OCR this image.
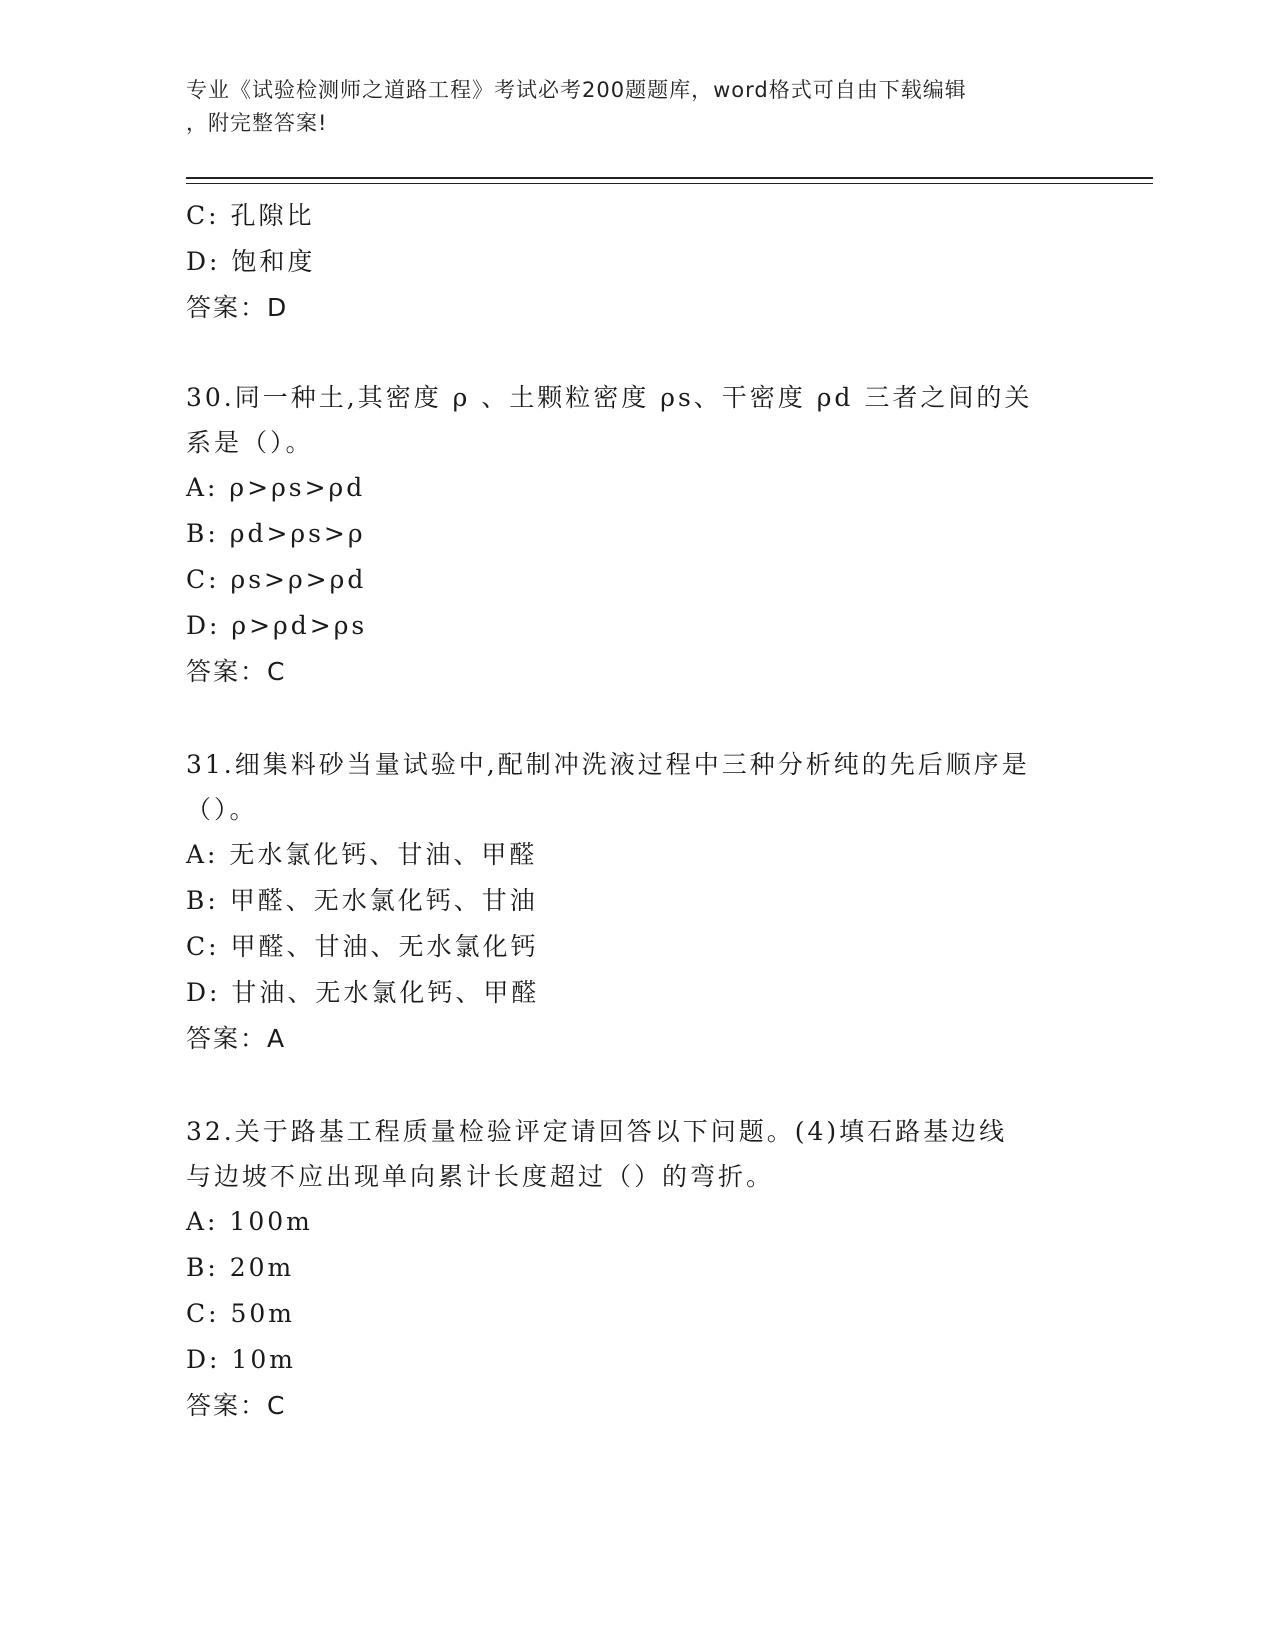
专业《试验检测师之道路工程》考试必考200题题库，word格式可自由下载编辑
，附完整答案!
C: 孔隙比
D: 饱和度
答案：D
30.同一种土,其密度 ρ 、土颗粒密度 ρs、干密度 ρd 三者之间的关
系是（）。
A: ρ>ρs>ρd
B: ρd>ρs>ρ
C: ρs>ρ>ρd
D: ρ>ρd>ρs
答案：C
31.细集料砂当量试验中,配制冲洗液过程中三种分析纯的先后顺序是
（）。
A: 无水氯化钙、甘油、甲醛
B: 甲醛、无水氯化钙、甘油
C: 甲醛、甘油、无水氯化钙
D: 甘油、无水氯化钙、甲醛
答案：A
32.关于路基工程质量检验评定请回答以下问题。(4)填石路基边线
与边坡不应出现单向累计长度超过（）的弯折。
A: 100m
B: 20m
C: 50m
D: 10m
答案：C
